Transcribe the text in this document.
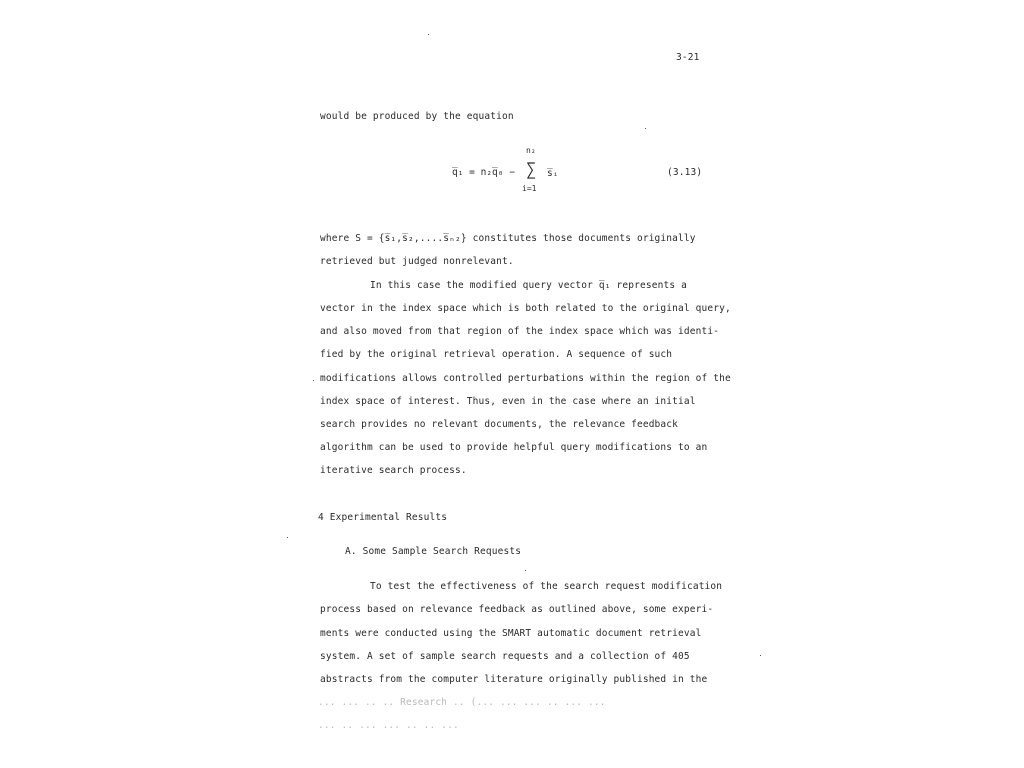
3-21
would be produced by the equation
q̅₁ = n₂q̅₀ −
n₂
∑
i=1
s̅ᵢ	(3.13)
where S = {s̅₁,s̅₂,....s̅ₙ₂} constitutes those documents originally
retrieved but judged nonrelevant.
In this case the modified query vector q̅₁ represents a
vector in the index space which is both related to the original query,
and also moved from that region of the index space which was identi-
fied by the original retrieval operation. A sequence of such
modifications allows controlled perturbations within the region of the
index space of interest. Thus, even in the case where an initial
search provides no relevant documents, the relevance feedback
algorithm can be used to provide helpful query modifications to an
iterative search process.
4 Experimental Results
A. Some Sample Search Requests
To test the effectiveness of the search request modification
process based on relevance feedback as outlined above, some experi-
ments were conducted using the SMART automatic document retrieval
system. A set of sample search requests and a collection of 405
abstracts from the computer literature originally published in the
... ... .. .. Research .. (... ... ... .. ... ...
... .. ... ... .. .. ...
